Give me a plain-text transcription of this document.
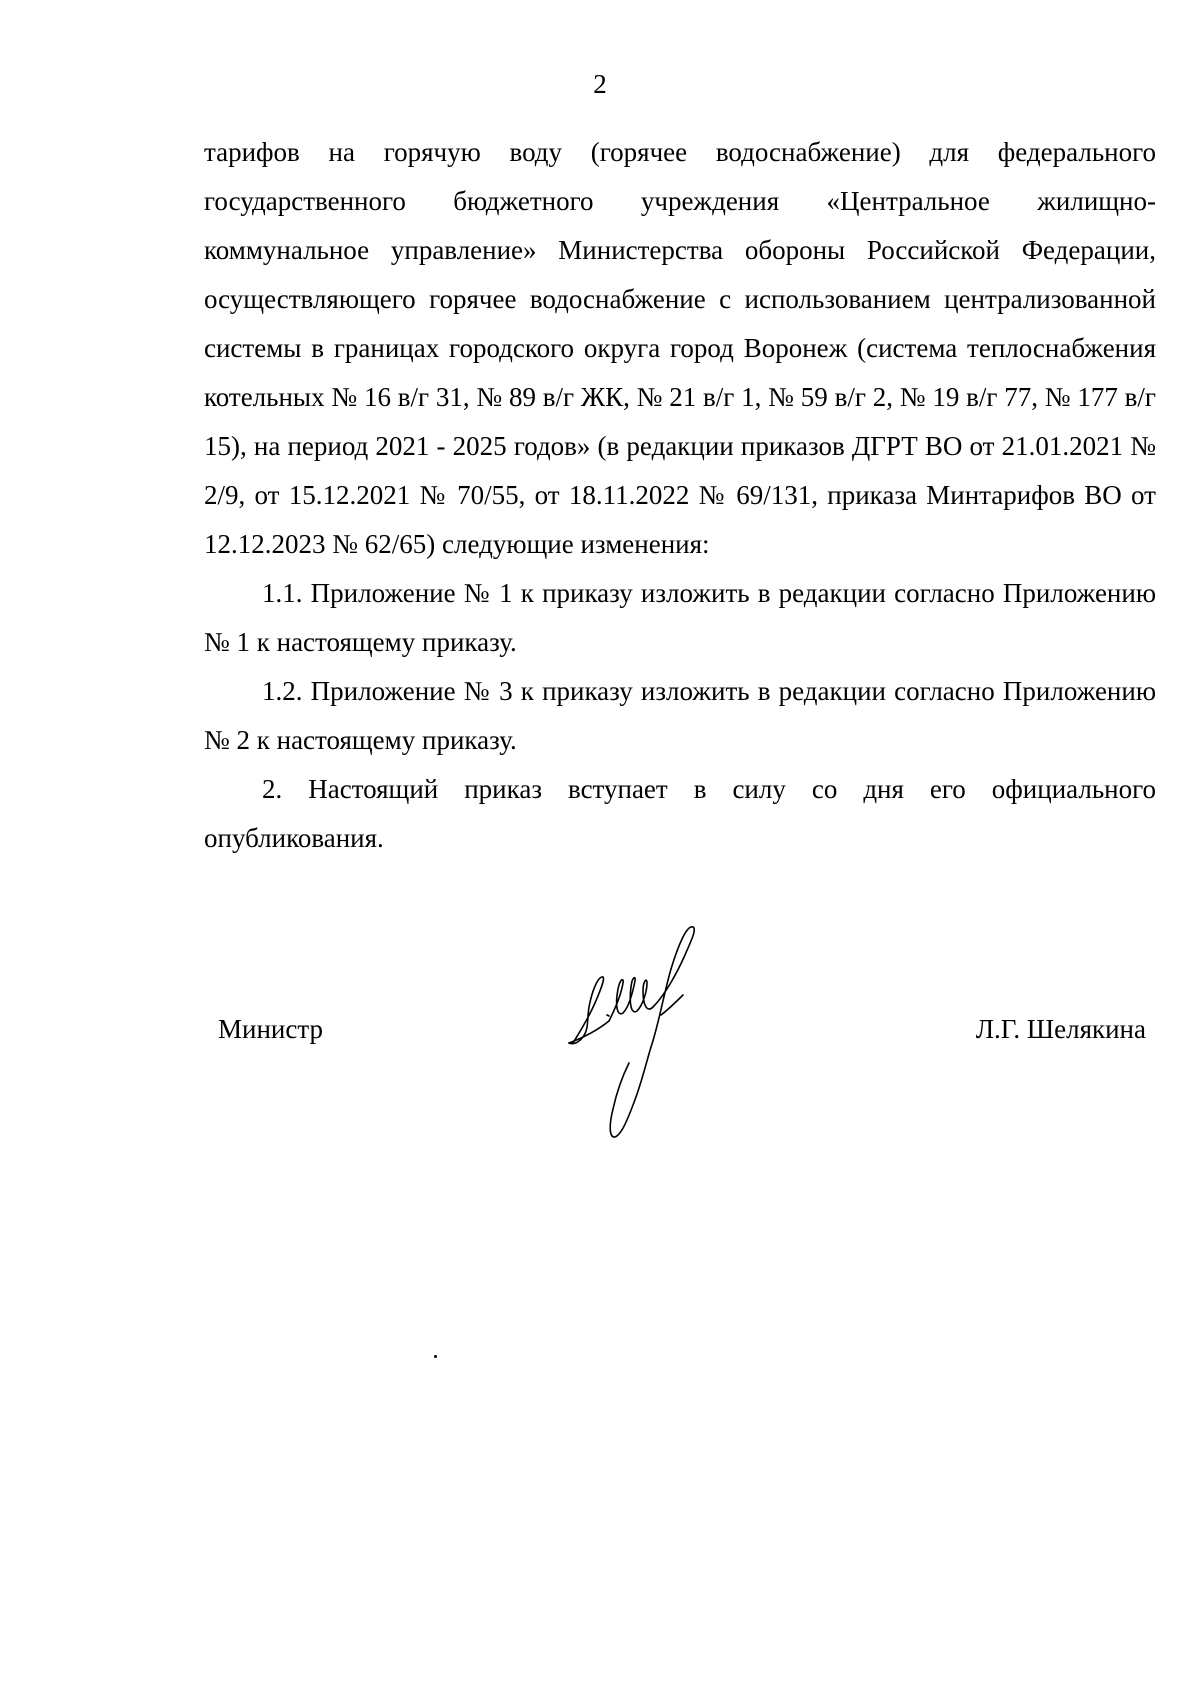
2

тарифов на горячую воду (горячее водоснабжение) для федерального государственного бюджетного учреждения «Центральное жилищно-коммунальное управление» Министерства обороны Российской Федерации, осуществляющего горячее водоснабжение с использованием централизованной системы в границах городского округа город Воронеж (система теплоснабжения котельных № 16 в/г 31, № 89 в/г ЖК, № 21 в/г 1, № 59 в/г 2, № 19 в/г 77, № 177 в/г 15), на период 2021 - 2025 годов» (в редакции приказов ДГРТ ВО от 21.01.2021 № 2/9, от 15.12.2021 № 70/55, от 18.11.2022 № 69/131, приказа Минтарифов ВО от 12.12.2023 № 62/65) следующие изменения:

1.1. Приложение № 1 к приказу изложить в редакции согласно Приложению № 1 к настоящему приказу.

1.2. Приложение № 3 к приказу изложить в редакции согласно Приложению № 2 к настоящему приказу.

2. Настоящий приказ вступает в силу со дня его официального опубликования.

Министр	Л.Г. Шелякина
